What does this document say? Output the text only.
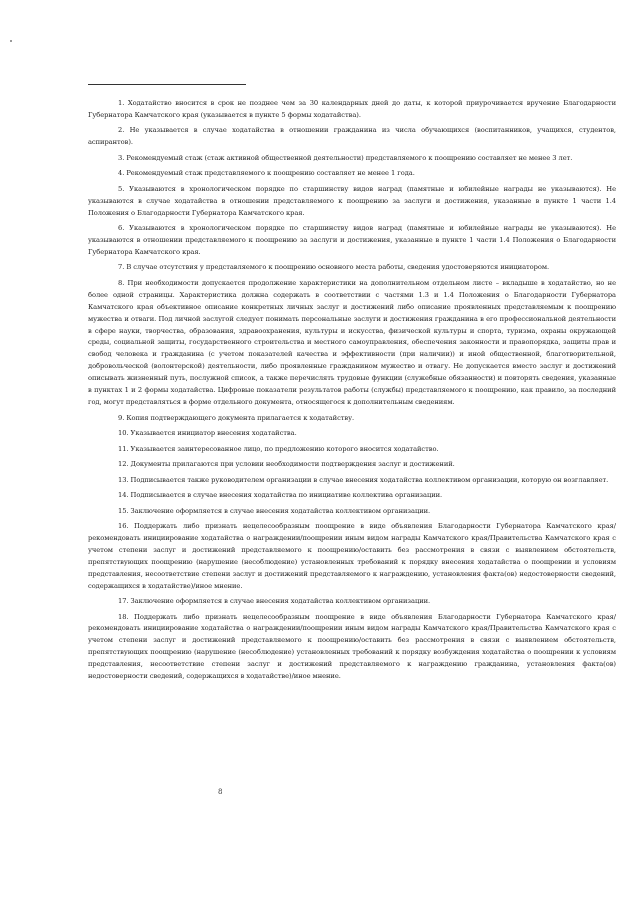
1. Ходатайство вносится в срок не позднее чем за 30 календарных дней до даты, к которой приурочивается вручение Благодарности Губернатора Камчатского края (указывается в пункте 5 формы ходатайства).

2. Не указывается в случае ходатайства в отношении гражданина из числа обучающихся (воспитанников, учащихся, студентов, аспирантов).

3. Рекомендуемый стаж (стаж активной общественной деятельности) представляемого к поощрению составляет не менее 3 лет.

4. Рекомендуемый стаж представляемого к поощрению составляет не менее 1 года.

5. Указываются в хронологическом порядке по старшинству видов наград (памятные и юбилейные награды не указываются). Не указываются в случае ходатайства в отношении представляемого к поощрению за заслуги и достижения, указанные в пункте 1 части 1.4 Положения о Благодарности Губернатора Камчатского края.

6. Указываются в хронологическом порядке по старшинству видов наград (памятные и юбилейные награды не указываются). Не указываются в отношении представляемого к поощрению за заслуги и достижения, указанные в пункте 1 части 1.4 Положения о Благодарности Губернатора Камчатского края.

7. В случае отсутствия у представляемого к поощрению основного места работы, сведения удостоверяются инициатором.

8. При необходимости допускается продолжение характеристики на дополнительном отдельном листе – вкладыше в ходатайство, но не более одной страницы. Характеристика должна содержать в соответствии с частями 1.3 и 1.4 Положения о Благодарности Губернатора Камчатского края объективное описание конкретных личных заслуг и достижений либо описание проявленных представляемым к поощрению мужества и отваги. Под личной заслугой следует понимать персональные заслуги и достижения гражданина в его профессиональной деятельности в сфере науки, творчества, образования, здравоохранения, культуры и искусства, физической культуры и спорта, туризма, охраны окружающей среды, социальной защиты, государственного строительства и местного самоуправления, обеспечения законности и правопорядка, защиты прав и свобод человека и гражданина (с учетом показателей качества и эффективности (при наличии)) и иной общественной, благотворительной, добровольческой (волонтерской) деятельности, либо проявленные гражданином мужество и отвагу. Не допускается вместо заслуг и достижений описывать жизненный путь, послужной список, а также перечислять трудовые функции (служебные обязанности) и повторять сведения, указанные в пунктах 1 и 2 формы ходатайства. Цифровые показатели результатов работы (службы) представляемого к поощрению, как правило, за последний год, могут представляться в форме отдельного документа, относящегося к дополнительным сведениям.

9. Копия подтверждающего документа прилагается к ходатайству.

10. Указывается инициатор внесения ходатайства.

11. Указывается заинтересованное лицо, по предложению которого вносится ходатайство.

12. Документы прилагаются при условии необходимости подтверждения заслуг и достижений.

13. Подписывается также руководителем организации в случае внесения ходатайства коллективом организации, которую он возглавляет.

14. Подписывается в случае внесения ходатайства по инициативе коллектива организации.

15. Заключение оформляется в случае внесения ходатайства коллективом организации.

16. Поддержать либо признать нецелесообразным поощрение в виде объявления Благодарности Губернатора Камчатского края/рекомендовать инициирование ходатайства о награждении/поощрении иным видом награды Камчатского края/Правительства Камчатского края с учетом степени заслуг и достижений представляемого к поощрению/оставить без рассмотрения в связи с выявлением обстоятельств, препятствующих поощрению (нарушение (несоблюдение) установленных требований к порядку внесения ходатайства о поощрении и условиям представления, несоответствие степени заслуг и достижений представляемого к награждению, установления факта(ов) недостоверности сведений, содержащихся в ходатайстве)/иное мнение.

17. Заключение оформляется в случае внесения ходатайства коллективом организации.

18. Поддержать либо признать нецелесообразным поощрение в виде объявления Благодарности Губернатора Камчатского края/рекомендовать инициирование ходатайства о награждении/поощрении иным видом награды Камчатского края/Правительства Камчатского края с учетом степени заслуг и достижений представляемого к поощрению/оставить без рассмотрения в связи с выявлением обстоятельств, препятствующих поощрению (нарушение (несоблюдение) установленных требований к порядку возбуждения ходатайства о поощрении к условиям представления, несоответствие степени заслуг и достижений представляемого к награждению гражданина, установления факта(ов) недостоверности сведений, содержащихся в ходатайстве)/иное мнение.

8
